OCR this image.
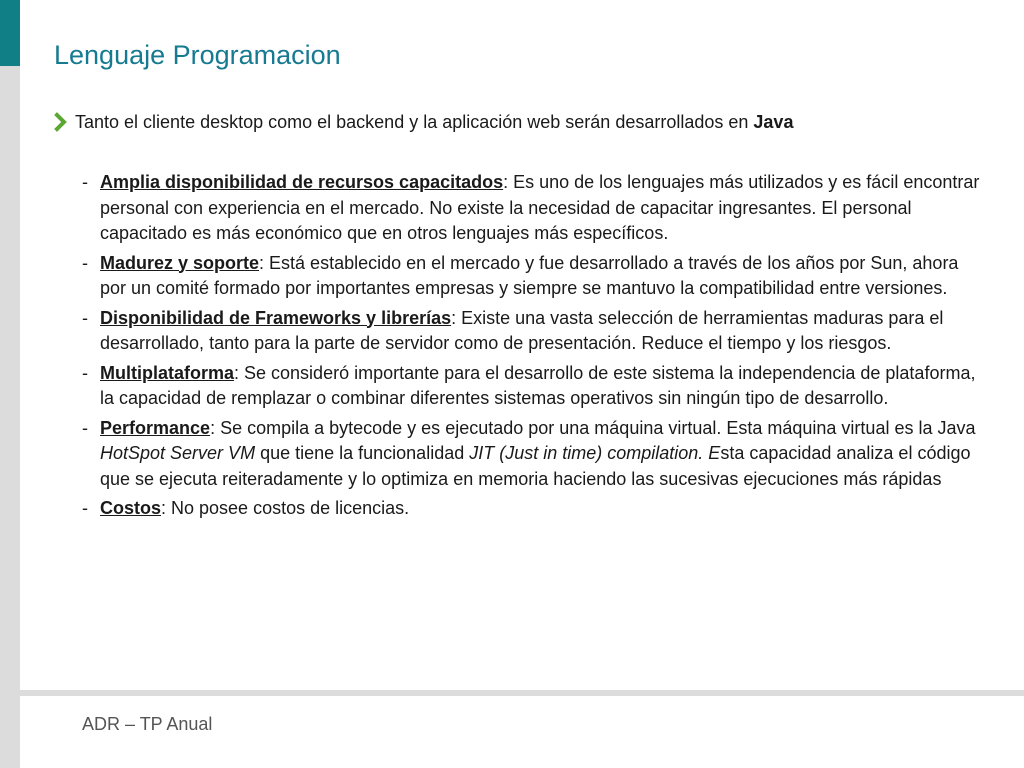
Lenguaje Programacion
Tanto el cliente desktop como el backend y la aplicación web serán desarrollados en Java
- Amplia disponibilidad de recursos capacitados: Es uno de los lenguajes más utilizados y es fácil encontrar personal con experiencia en el mercado. No existe la necesidad de capacitar ingresantes. El personal capacitado es más económico que en otros lenguajes más específicos.
- Madurez y soporte: Está establecido en el mercado y fue desarrollado a través de los años por Sun, ahora por un comité formado por importantes empresas y siempre se mantuvo la compatibilidad entre versiones.
- Disponibilidad de Frameworks y librerías: Existe una vasta selección de herramientas maduras para el desarrollado, tanto para la parte de servidor como de presentación. Reduce el tiempo y los riesgos.
- Multiplataforma: Se consideró importante para el desarrollo de este sistema la independencia de plataforma, la capacidad de remplazar o combinar diferentes sistemas operativos sin ningún tipo de desarrollo.
- Performance: Se compila a bytecode y es ejecutado por una máquina virtual. Esta máquina virtual es la Java HotSpot Server VM que tiene la funcionalidad JIT (Just in time) compilation. Esta capacidad analiza el código que se ejecuta reiteradamente y lo optimiza en memoria haciendo las sucesivas ejecuciones más rápidas
- Costos: No posee costos de licencias.
ADR – TP Anual
